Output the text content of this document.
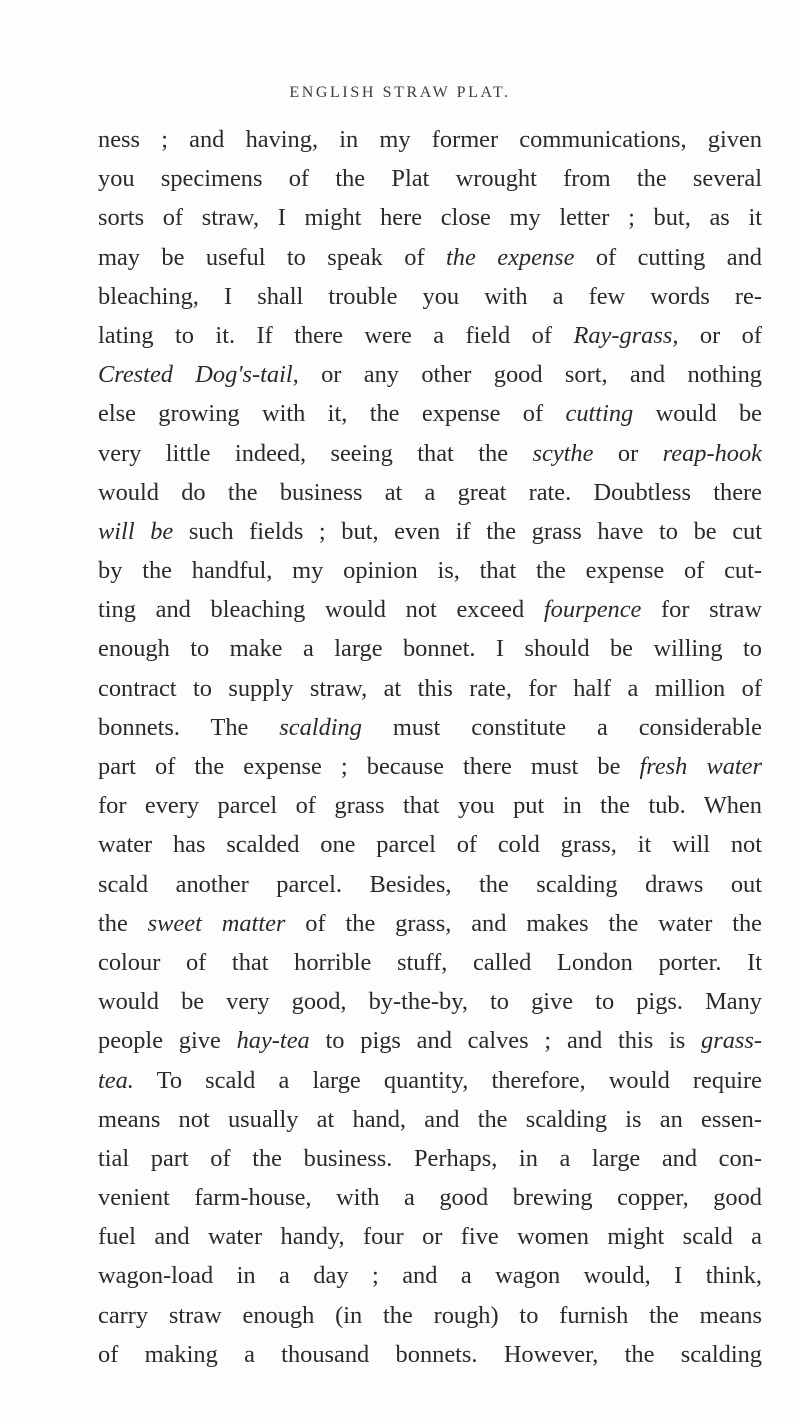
ENGLISH STRAW PLAT.
ness ; and having, in my former communications, given
you specimens of the Plat wrought from the several
sorts of straw, I might here close my letter ; but, as it
may be useful to speak of the expense of cutting and
bleaching, I shall trouble you with a few words re-
lating to it. If there were a field of Ray-grass, or of
Crested Dog's-tail, or any other good sort, and nothing
else growing with it, the expense of cutting would be
very little indeed, seeing that the scythe or reap-hook
would do the business at a great rate. Doubtless there
will be such fields ; but, even if the grass have to be cut
by the handful, my opinion is, that the expense of cut-
ting and bleaching would not exceed fourpence for straw
enough to make a large bonnet. I should be willing to
contract to supply straw, at this rate, for half a million of
bonnets. The scalding must constitute a considerable
part of the expense ; because there must be fresh water
for every parcel of grass that you put in the tub. When
water has scalded one parcel of cold grass, it will not
scald another parcel. Besides, the scalding draws out
the sweet matter of the grass, and makes the water the
colour of that horrible stuff, called London porter. It
would be very good, by-the-by, to give to pigs. Many
people give hay-tea to pigs and calves ; and this is grass-
tea. To scald a large quantity, therefore, would require
means not usually at hand, and the scalding is an essen-
tial part of the business. Perhaps, in a large and con-
venient farm-house, with a good brewing copper, good
fuel and water handy, four or five women might scald a
wagon-load in a day ; and a wagon would, I think,
carry straw enough (in the rough) to furnish the means
of making a thousand bonnets. However, the scalding
